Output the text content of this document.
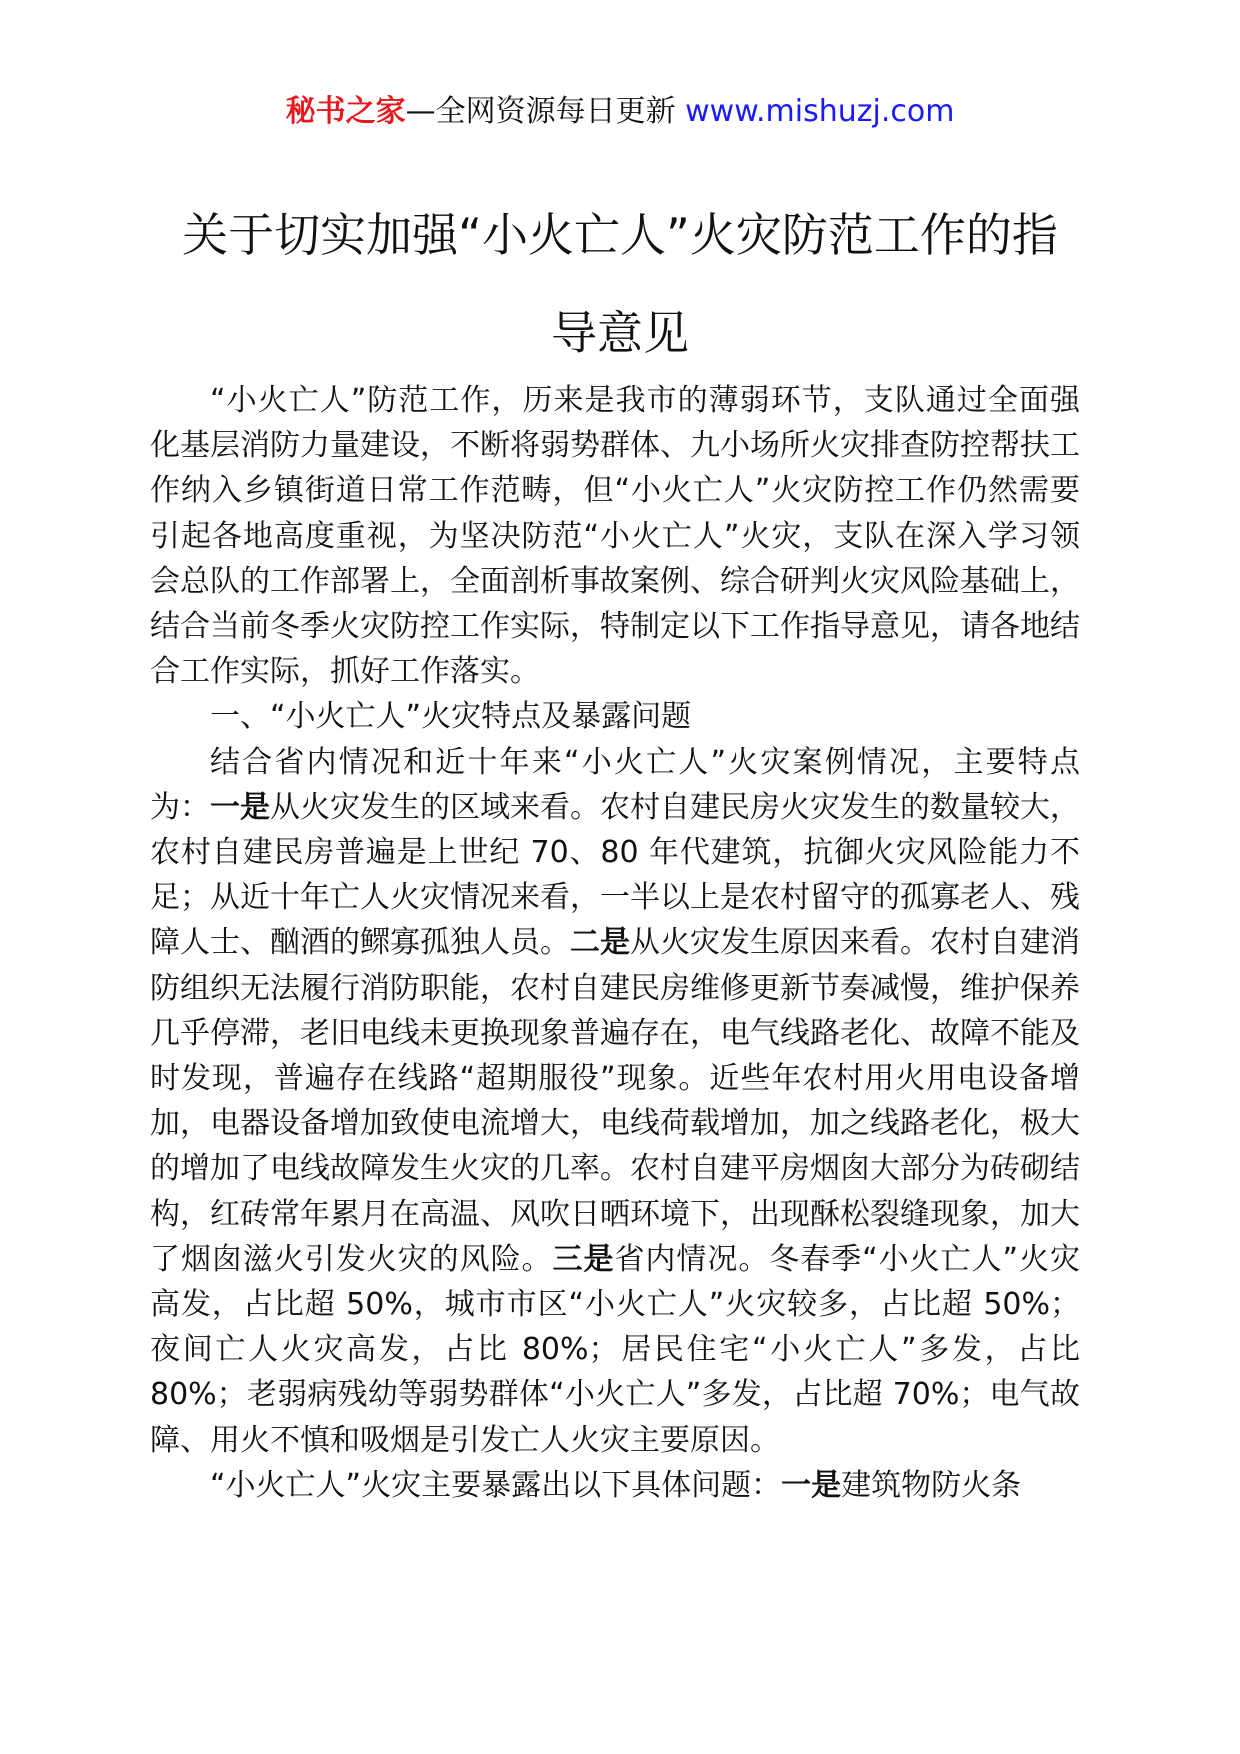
秘书之家—全网资源每日更新 www.mishuzj.com
关于切实加强“小火亡人”火灾防范工作的指
导意见

“小火亡人”防范工作，历来是我市的薄弱环节，支队通过全面强化基层消防力量建设，不断将弱势群体、九小场所火灾排查防控帮扶工作纳入乡镇街道日常工作范畴，但“小火亡人”火灾防控工作仍然需要引起各地高度重视，为坚决防范“小火亡人”火灾，支队在深入学习领会总队的工作部署上，全面剖析事故案例、综合研判火灾风险基础上，结合当前冬季火灾防控工作实际，特制定以下工作指导意见，请各地结合工作实际，抓好工作落实。

一、“小火亡人”火灾特点及暴露问题

结合省内情况和近十年来“小火亡人”火灾案例情况，主要特点为：一是从火灾发生的区域来看。农村自建民房火灾发生的数量较大，农村自建民房普遍是上世纪 70、80 年代建筑，抗御火灾风险能力不足；从近十年亡人火灾情况来看，一半以上是农村留守的孤寡老人、残障人士、酗酒的鳏寡孤独人员。二是从火灾发生原因来看。农村自建消防组织无法履行消防职能，农村自建民房维修更新节奏减慢，维护保养几乎停滞，老旧电线未更换现象普遍存在，电气线路老化、故障不能及时发现，普遍存在线路“超期服役”现象。近些年农村用火用电设备增加，电器设备增加致使电流增大，电线荷载增加，加之线路老化，极大的增加了电线故障发生火灾的几率。农村自建平房烟囱大部分为砖砌结构，红砖常年累月在高温、风吹日晒环境下，出现酥松裂缝现象，加大了烟囱滋火引发火灾的风险。三是省内情况。冬春季“小火亡人”火灾高发，占比超 50%，城市市区“小火亡人”火灾较多，占比超 50%；夜间亡人火灾高发，占比 80%；居民住宅“小火亡人”多发，占比 80%；老弱病残幼等弱势群体“小火亡人”多发，占比超 70%；电气故障、用火不慎和吸烟是引发亡人火灾主要原因。

“小火亡人”火灾主要暴露出以下具体问题：一是建筑物防火条
